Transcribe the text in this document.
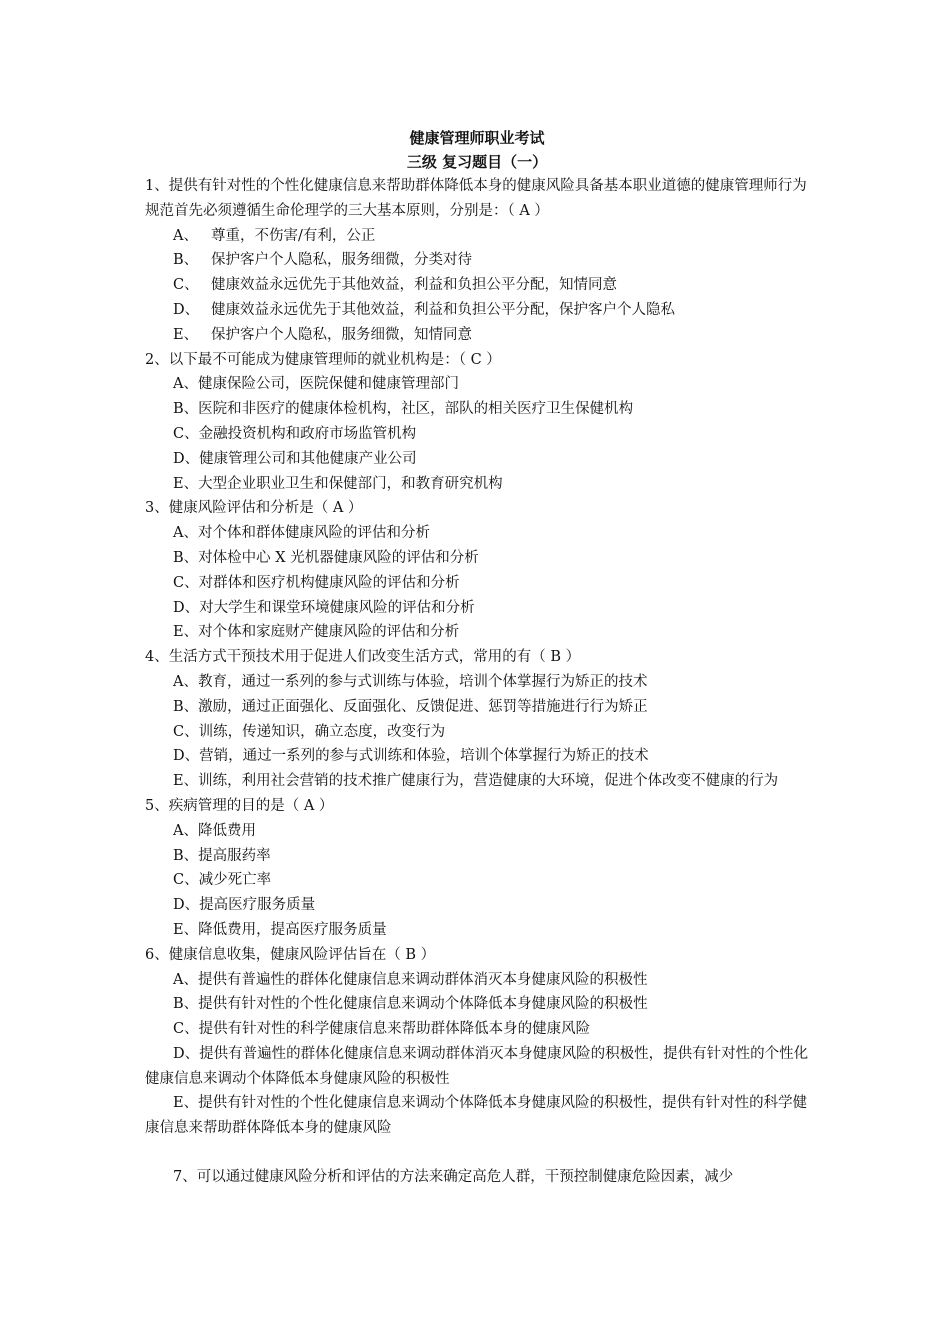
健康管理师职业考试
三级 复习题目（一）

1、提供有针对性的个性化健康信息来帮助群体降低本身的健康风险具备基本职业道德的健康管理师行为规范首先必须遵循生命伦理学的三大基本原则，分别是：（ A ）

A、 尊重，不伤害/有利，公正

B、 保护客户个人隐私，服务细微，分类对待

C、 健康效益永远优先于其他效益，利益和负担公平分配，知情同意

D、 健康效益永远优先于其他效益，利益和负担公平分配，保护客户个人隐私

E、 保护客户个人隐私，服务细微，知情同意

2、以下最不可能成为健康管理师的就业机构是：（ C ）

A、健康保险公司，医院保健和健康管理部门

B、医院和非医疗的健康体检机构，社区，部队的相关医疗卫生保健机构

C、金融投资机构和政府市场监管机构

D、健康管理公司和其他健康产业公司

E、大型企业职业卫生和保健部门，和教育研究机构

3、健康风险评估和分析是（ A ）

A、对个体和群体健康风险的评估和分析

B、对体检中心 X 光机器健康风险的评估和分析

C、对群体和医疗机构健康风险的评估和分析

D、对大学生和课堂环境健康风险的评估和分析

E、对个体和家庭财产健康风险的评估和分析

4、生活方式干预技术用于促进人们改变生活方式，常用的有（ B ）

A、教育，通过一系列的参与式训练与体验，培训个体掌握行为矫正的技术

B、激励，通过正面强化、反面强化、反馈促进、惩罚等措施进行行为矫正

C、训练，传递知识，确立态度，改变行为

D、营销，通过一系列的参与式训练和体验，培训个体掌握行为矫正的技术

E、训练，利用社会营销的技术推广健康行为，营造健康的大环境，促进个体改变不健康的行为

5、疾病管理的目的是（ A ）

A、降低费用

B、提高服药率

C、减少死亡率

D、提高医疗服务质量

E、降低费用，提高医疗服务质量

6、健康信息收集，健康风险评估旨在（ B ）

A、提供有普遍性的群体化健康信息来调动群体消灭本身健康风险的积极性

B、提供有针对性的个性化健康信息来调动个体降低本身健康风险的积极性

C、提供有针对性的科学健康信息来帮助群体降低本身的健康风险

D、提供有普遍性的群体化健康信息来调动群体消灭本身健康风险的积极性，提供有针对性的个性化健康信息来调动个体降低本身健康风险的积极性

E、提供有针对性的个性化健康信息来调动个体降低本身健康风险的积极性，提供有针对性的科学健康信息来帮助群体降低本身的健康风险

7、可以通过健康风险分析和评估的方法来确定高危人群，干预控制健康危险因素，减少
